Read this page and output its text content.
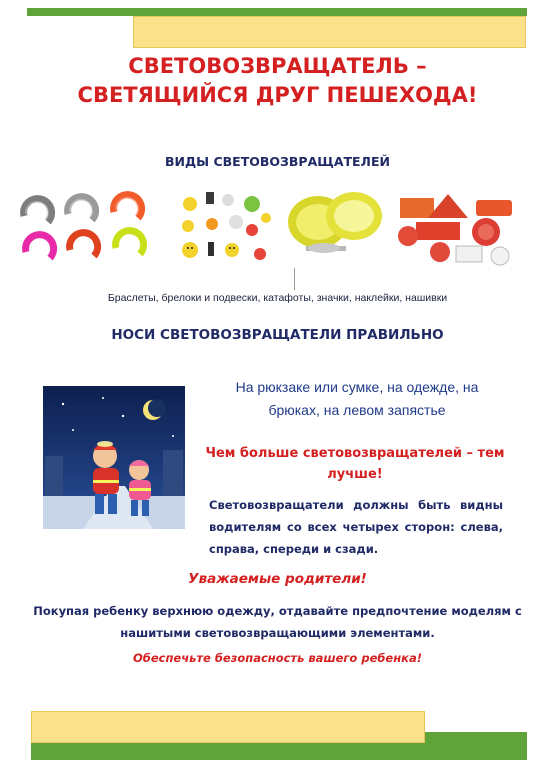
СВЕТОВОЗВРАЩАТЕЛЬ – СВЕТЯЩИЙСЯ ДРУГ ПЕШЕХОДА!
ВИДЫ СВЕТОВОЗВРАЩАТЕЛЕЙ
Браслеты, брелоки и подвески, катафоты, значки, наклейки, нашивки
НОСИ СВЕТОВОЗВРАЩАТЕЛИ ПРАВИЛЬНО
На рюкзаке или сумке, на одежде, на брюках, на левом запястье
Чем больше световозвращателей – тем лучше!
Световозвращатели должны быть видны водителям со всех четырех сторон: слева, справа, спереди и сзади.
Уважаемые родители!
Покупая ребенку верхнюю одежду, отдавайте предпочтение моделям с нашитыми световозвращающими элементами.
Обеспечьте безопасность вашего ребенка!
